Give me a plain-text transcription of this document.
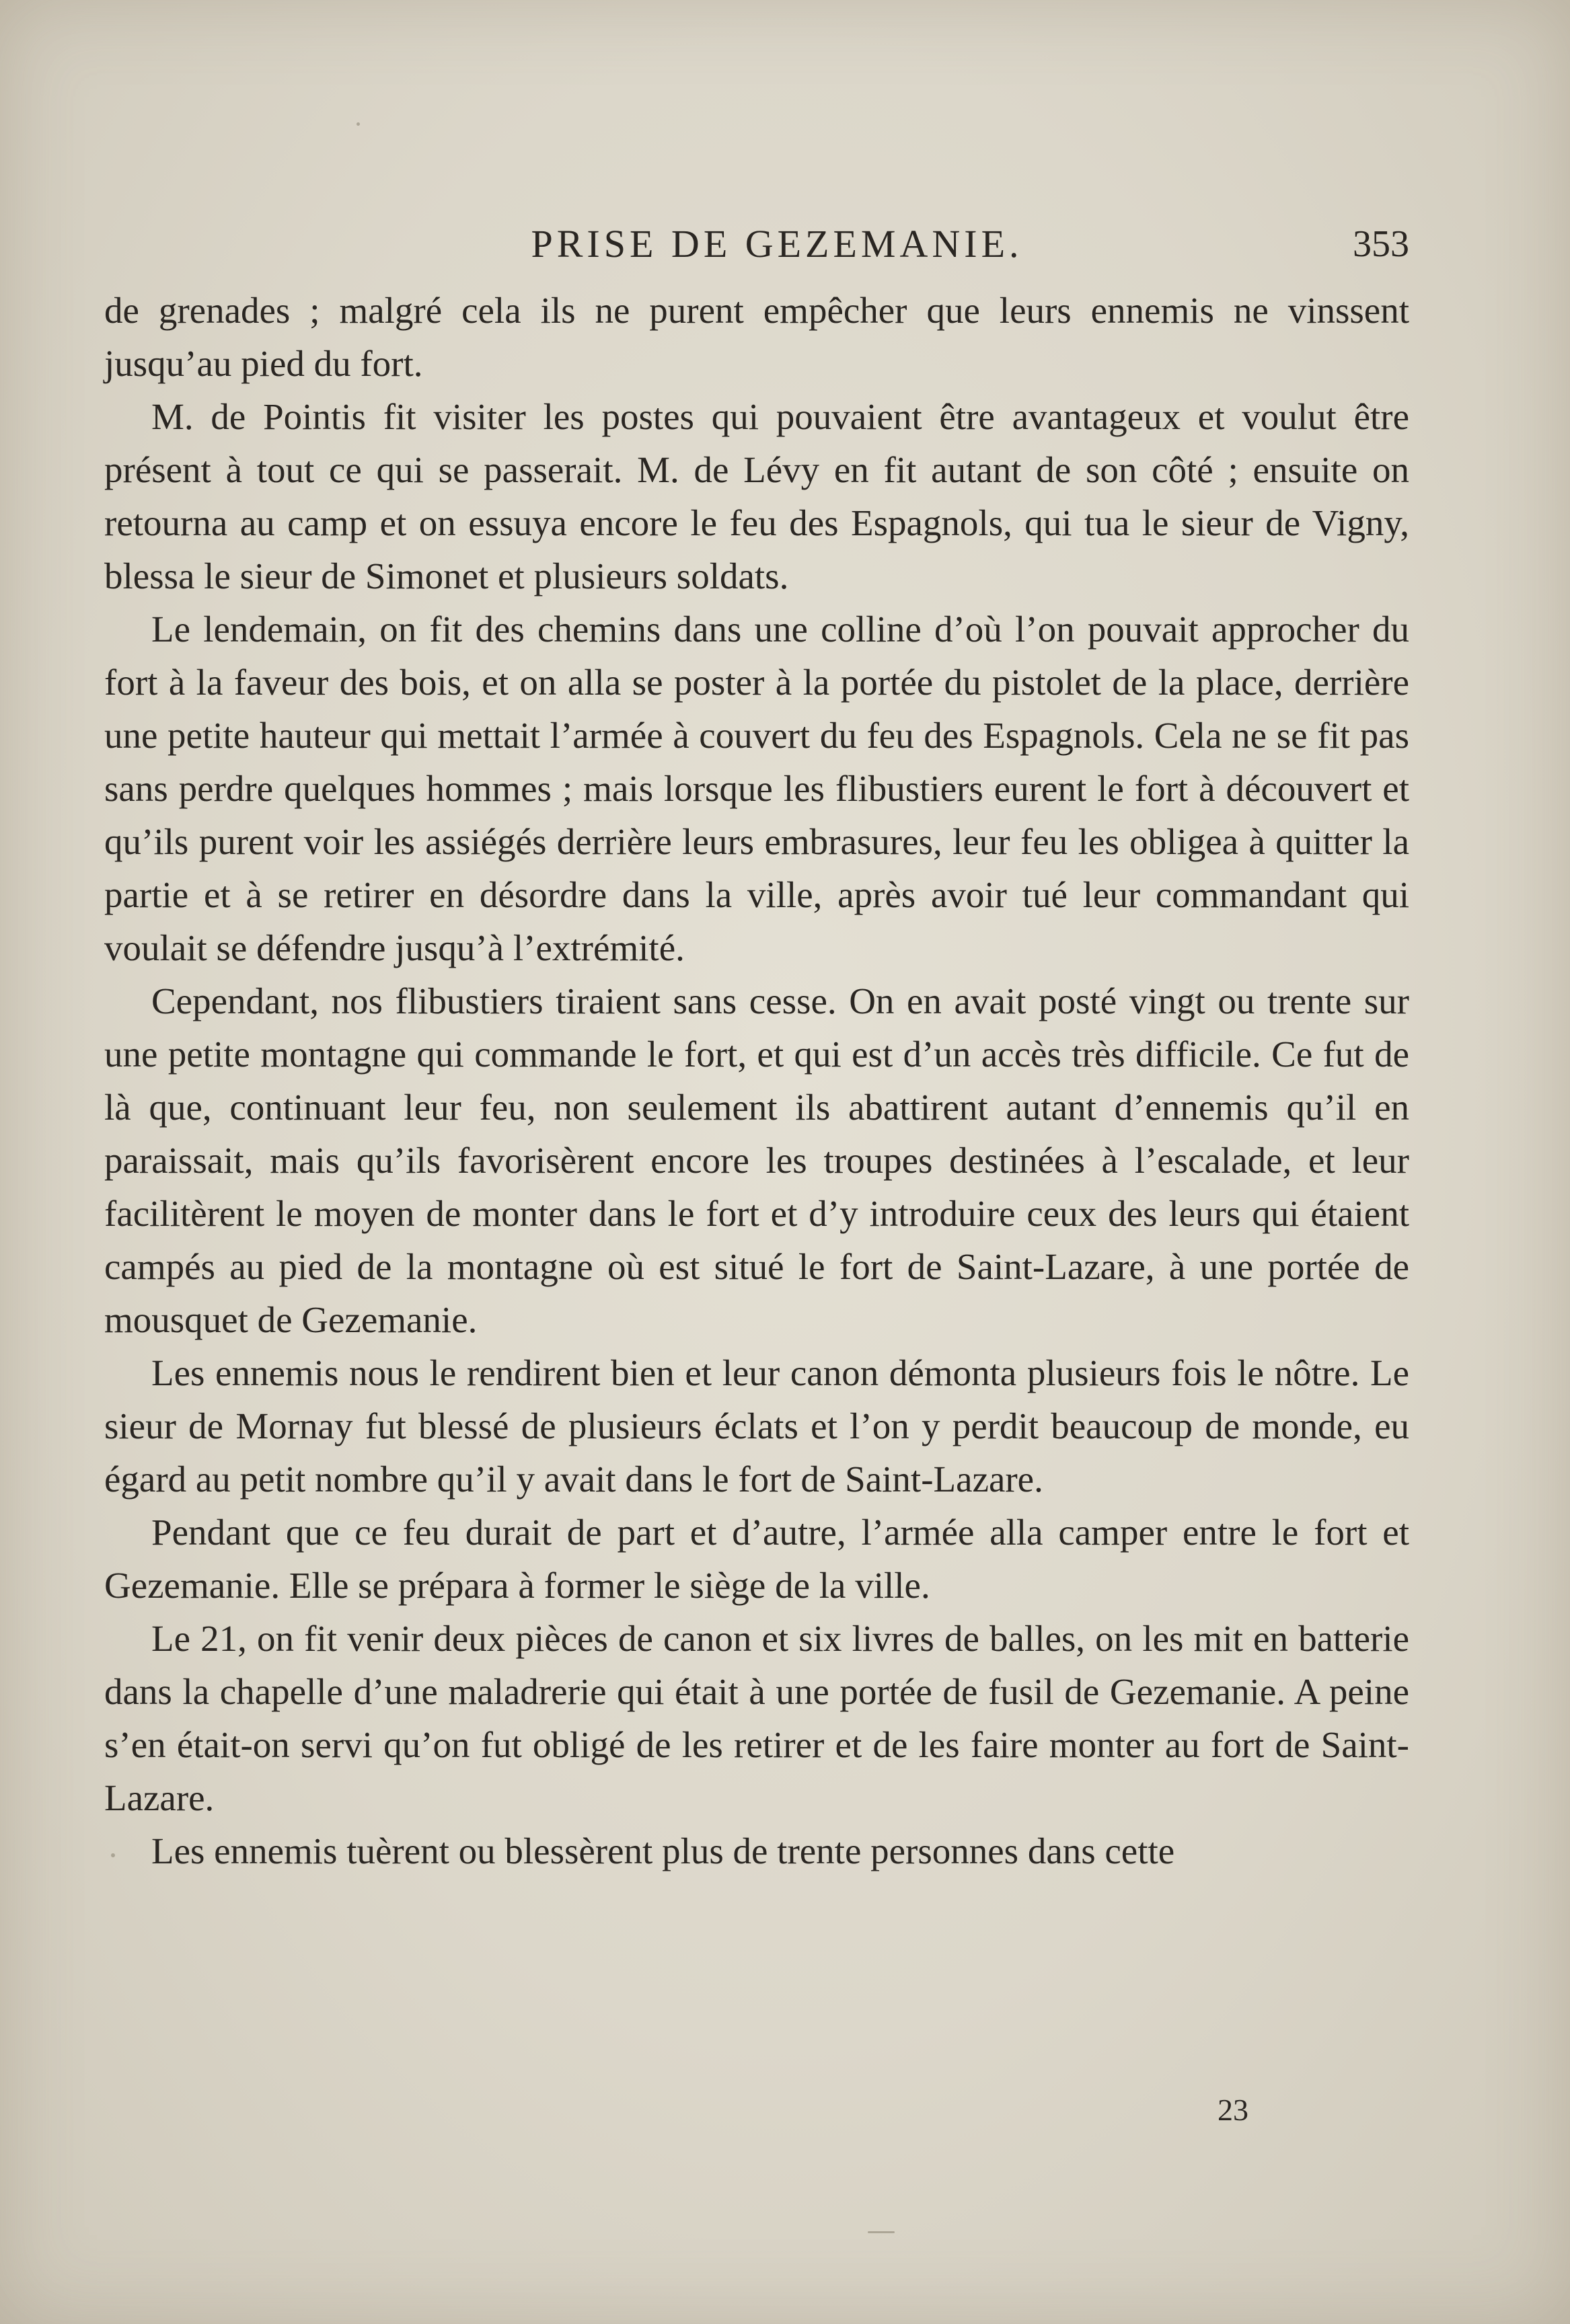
PRISE DE GEZEMANIE.	353

de grenades ; malgré cela ils ne purent empêcher que leurs ennemis ne vinssent jusqu’au pied du fort.

M. de Pointis fit visiter les postes qui pouvaient être avantageux et voulut être présent à tout ce qui se passerait. M. de Lévy en fit autant de son côté ; ensuite on retourna au camp et on essuya encore le feu des Espagnols, qui tua le sieur de Vigny, blessa le sieur de Simonet et plusieurs soldats.

Le lendemain, on fit des chemins dans une colline d’où l’on pouvait approcher du fort à la faveur des bois, et on alla se poster à la portée du pistolet de la place, derrière une petite hauteur qui mettait l’armée à couvert du feu des Espagnols. Cela ne se fit pas sans perdre quelques hommes ; mais lorsque les flibustiers eurent le fort à découvert et qu’ils purent voir les assiégés derrière leurs embrasures, leur feu les obligea à quitter la partie et à se retirer en désordre dans la ville, après avoir tué leur commandant qui voulait se défendre jusqu’à l’extrémité.

Cependant, nos flibustiers tiraient sans cesse. On en avait posté vingt ou trente sur une petite montagne qui commande le fort, et qui est d’un accès très difficile. Ce fut de là que, continuant leur feu, non seulement ils abattirent autant d’ennemis qu’il en paraissait, mais qu’ils favorisèrent encore les troupes destinées à l’escalade, et leur facilitèrent le moyen de monter dans le fort et d’y introduire ceux des leurs qui étaient campés au pied de la montagne où est situé le fort de Saint-Lazare, à une portée de mousquet de Gezemanie.

Les ennemis nous le rendirent bien et leur canon démonta plusieurs fois le nôtre. Le sieur de Mornay fut blessé de plusieurs éclats et l’on y perdit beaucoup de monde, eu égard au petit nombre qu’il y avait dans le fort de Saint-Lazare.

Pendant que ce feu durait de part et d’autre, l’armée alla camper entre le fort et Gezemanie. Elle se prépara à former le siège de la ville.

Le 21, on fit venir deux pièces de canon et six livres de balles, on les mit en batterie dans la chapelle d’une maladrerie qui était à une portée de fusil de Gezemanie. A peine s’en était-on servi qu’on fut obligé de les retirer et de les faire monter au fort de Saint-Lazare.

Les ennemis tuèrent ou blessèrent plus de trente personnes dans cette

23
